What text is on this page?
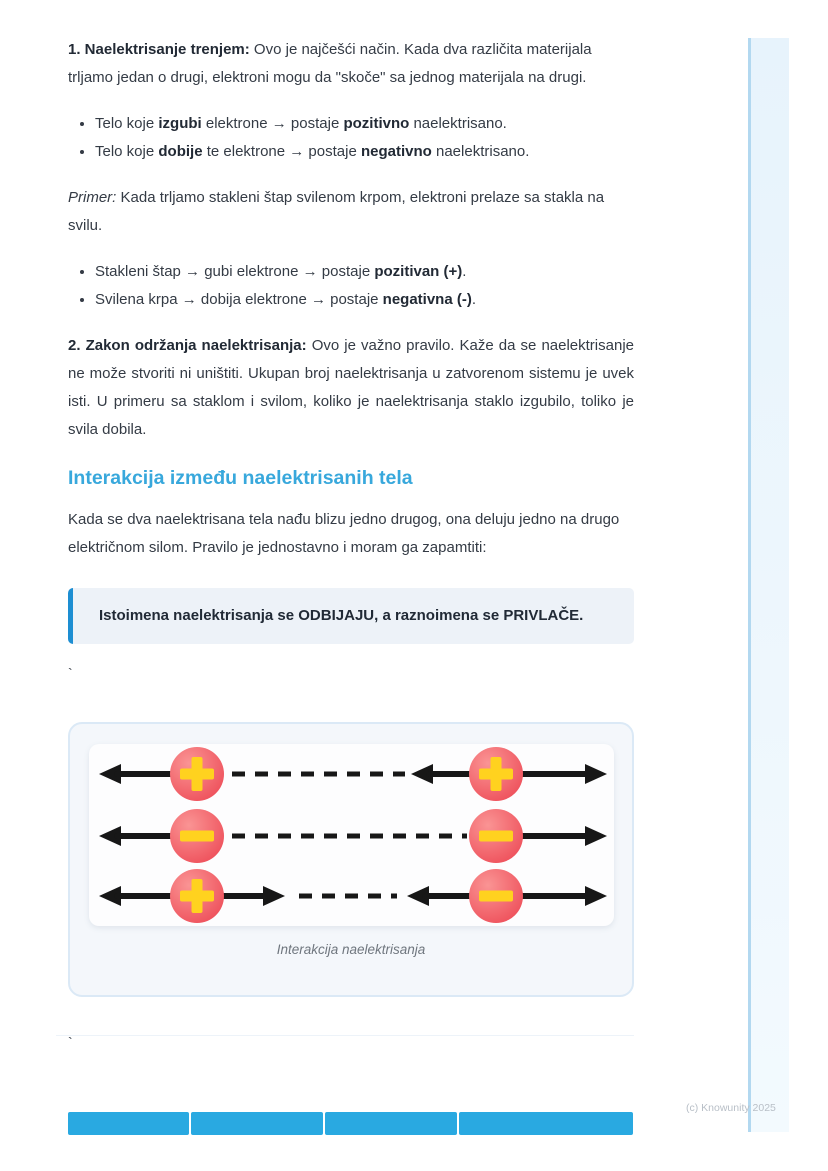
1. Naelektrisanje trenjem: Ovo je najčešći način. Kada dva različita materijala trljamo jedan o drugi, elektroni mogu da "skoče" sa jednog materijala na drugi.

• Telo koje izgubi elektrone → postaje pozitivno naelektrisano.
• Telo koje dobije te elektrone → postaje negativno naelektrisano.

Primer: Kada trljamo stakleni štap svilenom krpom, elektroni prelaze sa stakla na svilu.

• Stakleni štap → gubi elektrone → postaje pozitivan (+).
• Svilena krpa → dobija elektrone → postaje negativna (-).

2. Zakon održanja naelektrisanja: Ovo je važno pravilo. Kaže da se naelektrisanje ne može stvoriti ni uništiti. Ukupan broj naelektrisanja u zatvorenom sistemu je uvek isti. U primeru sa staklom i svilom, koliko je naelektrisanja staklo izgubilo, toliko je svila dobila.

Interakcija između naelektrisanih tela

Kada se dva naelektrisana tela nađu blizu jedno drugog, ona deluju jedno na drugo električnom silom. Pravilo je jednostavno i moram ga zapamtiti:

Istoimena naelektrisanja se ODBIJAJU, a raznoimena se PRIVLAČE.

`
Interakcija naelektrisanja
`
(c) Knowunity 2025
